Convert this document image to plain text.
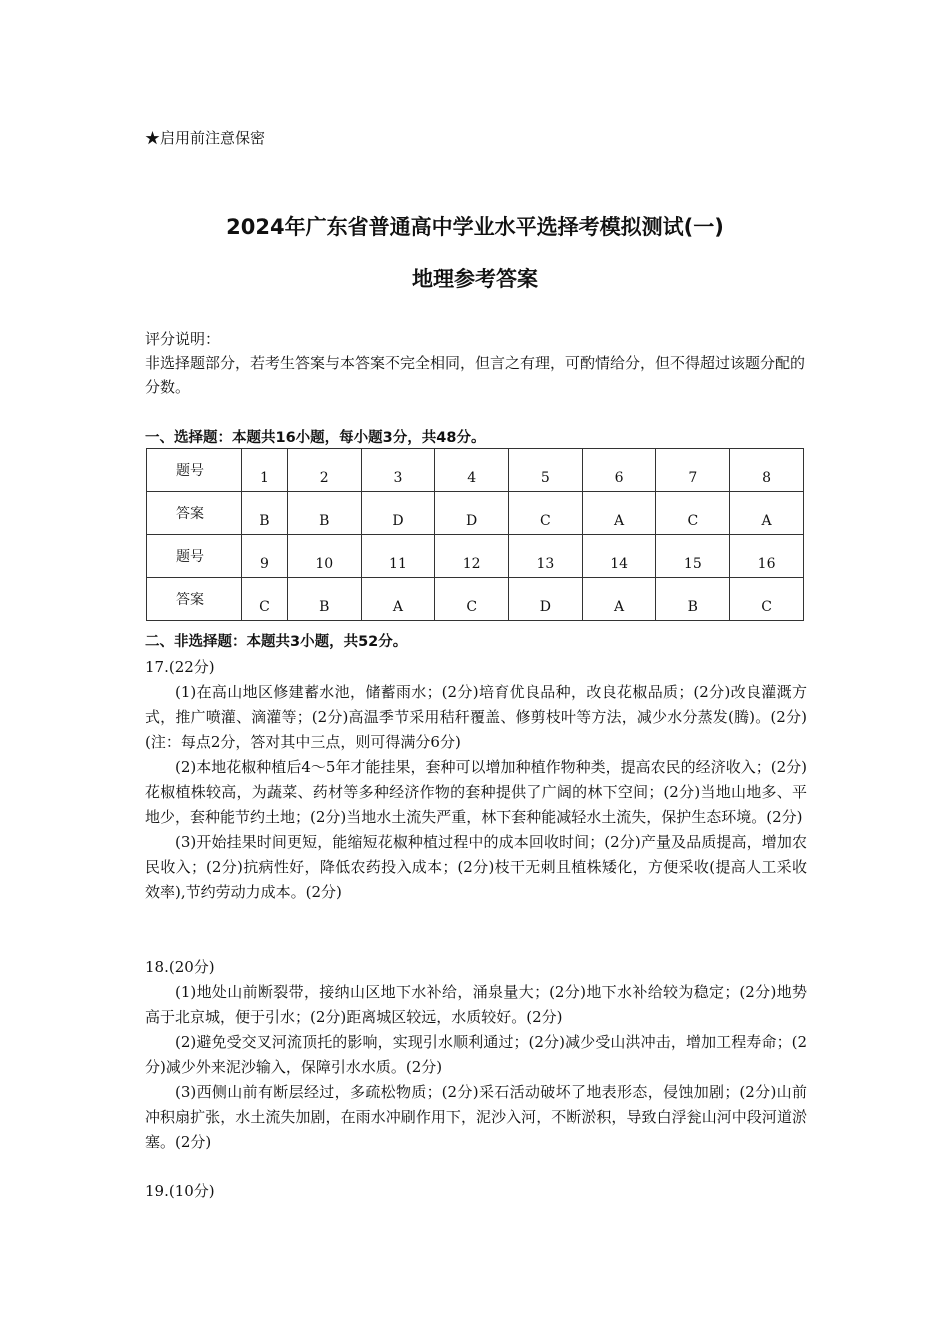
★启用前注意保密
2024年广东省普通高中学业水平选择考模拟测试(一)
地理参考答案

评分说明：

非选择题部分，若考生答案与本答案不完全相同，但言之有理，可酌情给分，但不得超过该题分配的分数。

一、选择题：本题共16小题，每小题3分，共48分。
题号	1	2	3	4	5	6	7	8
答案	B	B	D	D	C	A	C	A
题号	9	10	11	12	13	14	15	16
答案	C	B	A	C	D	A	B	C
二、非选择题：本题共3小题，共52分。

17.(22分)

(1)在高山地区修建蓄水池，储蓄雨水；(2分)培育优良品种，改良花椒品质；(2分)改良灌溉方式，推广喷灌、滴灌等；(2分)高温季节采用秸秆覆盖、修剪枝叶等方法，减少水分蒸发(腾)。(2分)(注：每点2分，答对其中三点，则可得满分6分)

(2)本地花椒种植后4～5年才能挂果，套种可以增加种植作物种类，提高农民的经济收入；(2分)花椒植株较高，为蔬菜、药材等多种经济作物的套种提供了广阔的林下空间；(2分)当地山地多、平地少，套种能节约土地；(2分)当地水土流失严重，林下套种能减轻水土流失，保护生态环境。(2分)

(3)开始挂果时间更短，能缩短花椒种植过程中的成本回收时间；(2分)产量及品质提高，增加农民收入；(2分)抗病性好，降低农药投入成本；(2分)枝干无刺且植株矮化，方便采收(提高人工采收效率),节约劳动力成本。(2分)

18.(20分)

(1)地处山前断裂带，接纳山区地下水补给，涌泉量大；(2分)地下水补给较为稳定；(2分)地势高于北京城，便于引水；(2分)距离城区较远，水质较好。(2分)

(2)避免受交叉河流顶托的影响，实现引水顺利通过；(2分)减少受山洪冲击，增加工程寿命；(2分)减少外来泥沙输入，保障引水水质。(2分)

(3)西侧山前有断层经过，多疏松物质；(2分)采石活动破坏了地表形态，侵蚀加剧；(2分)山前冲积扇扩张，水土流失加剧，在雨水冲刷作用下，泥沙入河，不断淤积，导致白浮瓮山河中段河道淤塞。(2分)

19.(10分)
